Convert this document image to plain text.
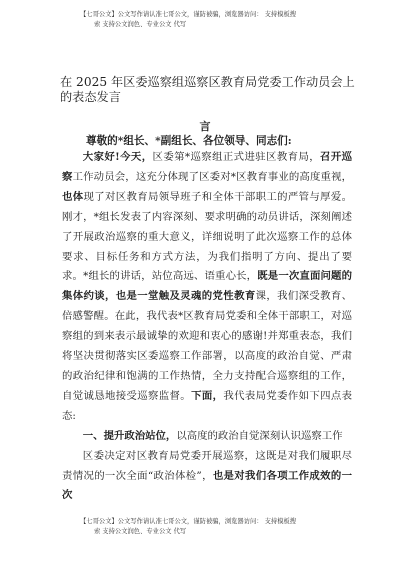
【七哥公文】公文写作请认准七哥公文，谨防被骗，浏览器访问： 支持模板搜
索 支持公文润色、专业公文 代写
在 2025 年区委巡察组巡察区教育局党委工作动员会上的表态发言
言
尊敬的*组长、*副组长、各位领导、同志们:

大家好!今天，区委第*巡察组正式进驻区教育局，召开巡察工作动员会，这充分体现了区委对*区教育事业的高度重视，也体现了对区教育局领导班子和全体干部职工的严管与厚爱。刚才，*组长发表了内容深刻、要求明确的动员讲话，深刻阐述了开展政治巡察的重大意义，详细说明了此次巡察工作的总体要求、目标任务和方式方法，为我们指明了方向、提出了要求。*组长的讲话，站位高远、语重心长，既是一次直面问题的集体约谈，也是一堂触及灵魂的党性教育课，我们深受教育、倍感警醒。在此，我代表*区教育局党委和全体干部职工，对巡察组的到来表示最诚挚的欢迎和衷心的感谢!并郑重表态，我们将坚决贯彻落实区委巡察工作部署，以高度的政治自觉、严肃的政治纪律和饱满的工作热情，全力支持配合巡察组的工作，自觉诚恳地接受巡察监督。下面，我代表局党委作如下四点表态:

一、提升政治站位，以高度的政治自觉深刻认识巡察工作

区委决定对区教育局党委开展巡察，这既是对我们履职尽责情况的一次全面“政治体检”，也是对我们各项工作成效的一次

【七哥公文】公文写作请认准七哥公文，谨防被骗，浏览器访问： 支持模板搜
索 支持公文润色、专业公文 代写
